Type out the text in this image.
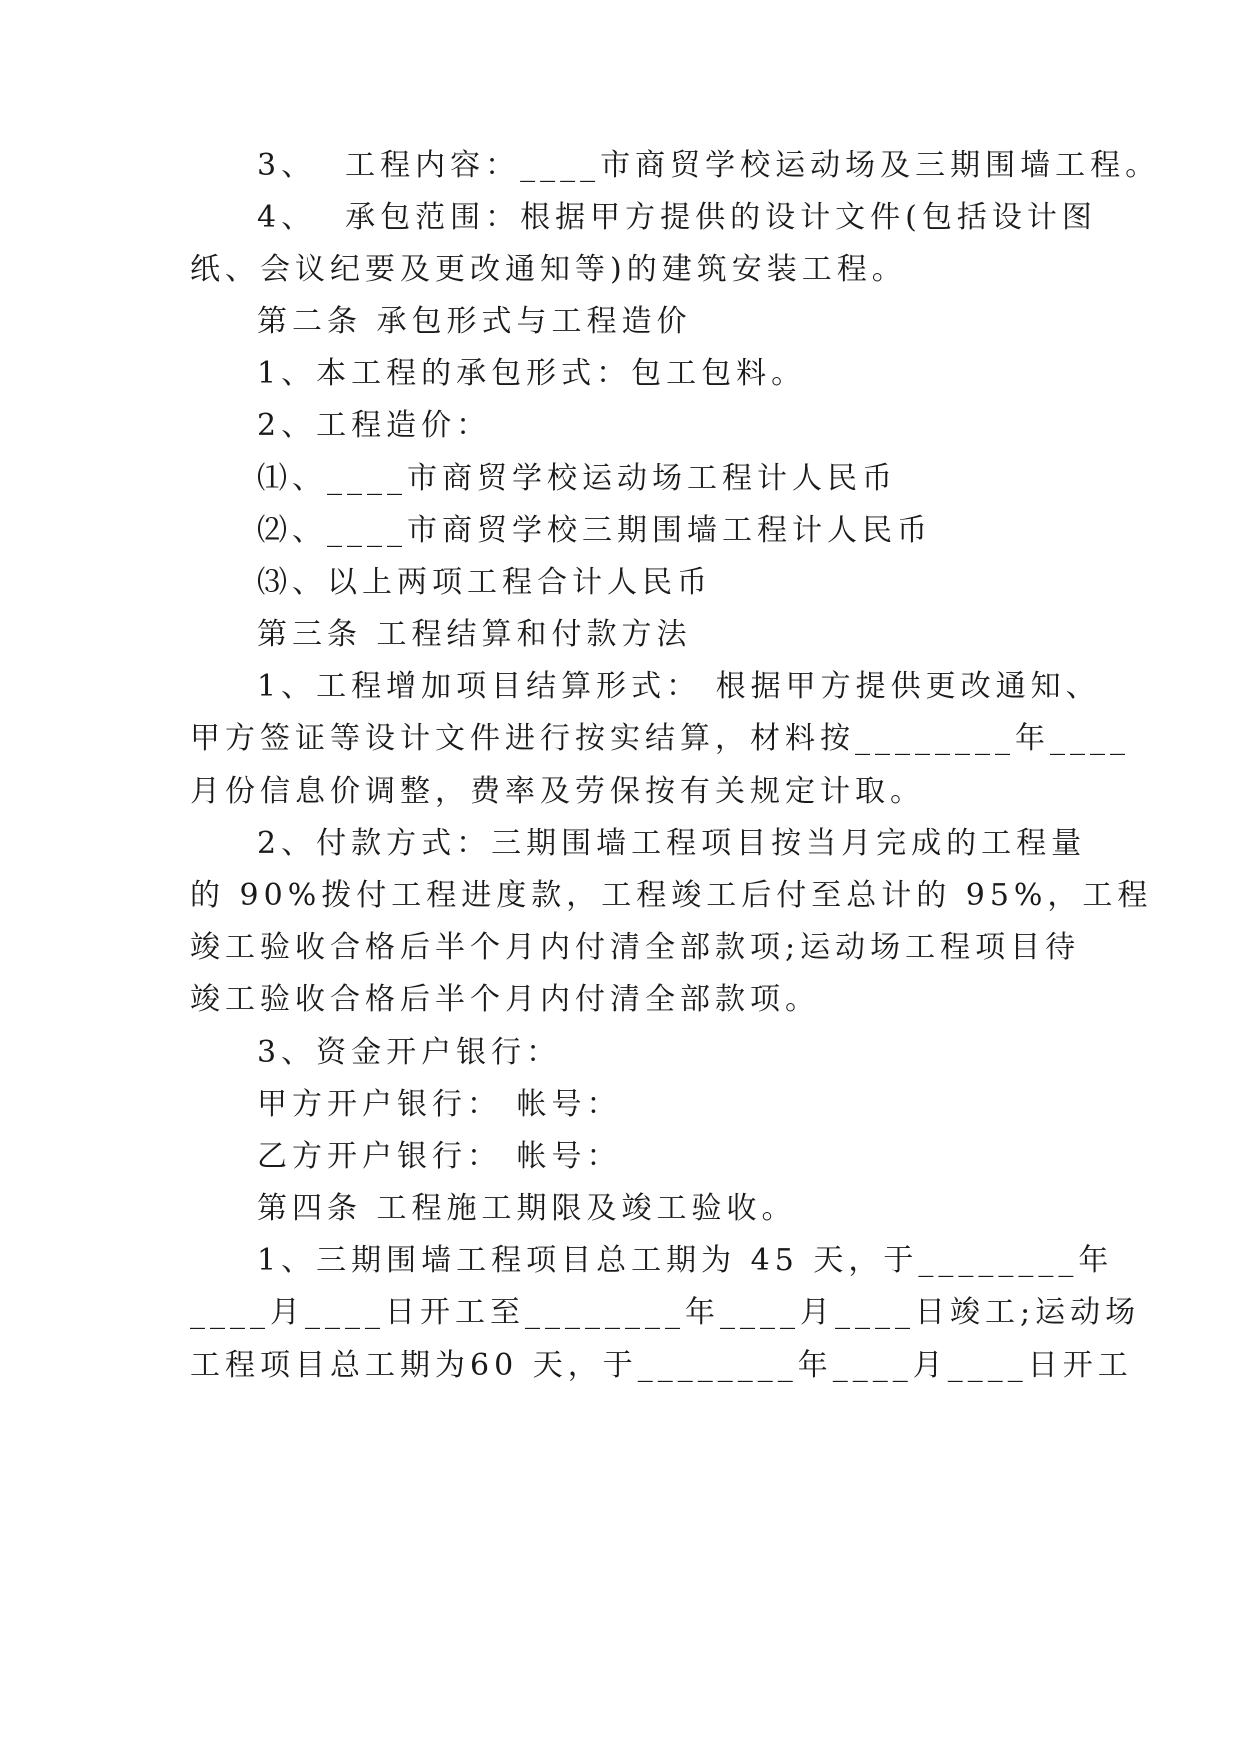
3、  工程内容：____市商贸学校运动场及三期围墙工程。
4、  承包范围：根据甲方提供的设计文件(包括设计图
纸、会议纪要及更改通知等)的建筑安装工程。
第二条 承包形式与工程造价
1、本工程的承包形式：包工包料。
2、工程造价：
⑴、____市商贸学校运动场工程计人民币
⑵、____市商贸学校三期围墙工程计人民币
⑶、以上两项工程合计人民币
第三条 工程结算和付款方法
1、工程增加项目结算形式： 根据甲方提供更改通知、
甲方签证等设计文件进行按实结算，材料按________年____
月份信息价调整，费率及劳保按有关规定计取。
2、付款方式：三期围墙工程项目按当月完成的工程量
的 90%拨付工程进度款，工程竣工后付至总计的 95%，工程
竣工验收合格后半个月内付清全部款项;运动场工程项目待
竣工验收合格后半个月内付清全部款项。
3、资金开户银行：
甲方开户银行： 帐号：
乙方开户银行： 帐号：
第四条 工程施工期限及竣工验收。
1、三期围墙工程项目总工期为 45 天，于________年
____月____日开工至________年____月____日竣工;运动场
工程项目总工期为60 天，于________年____月____日开工
